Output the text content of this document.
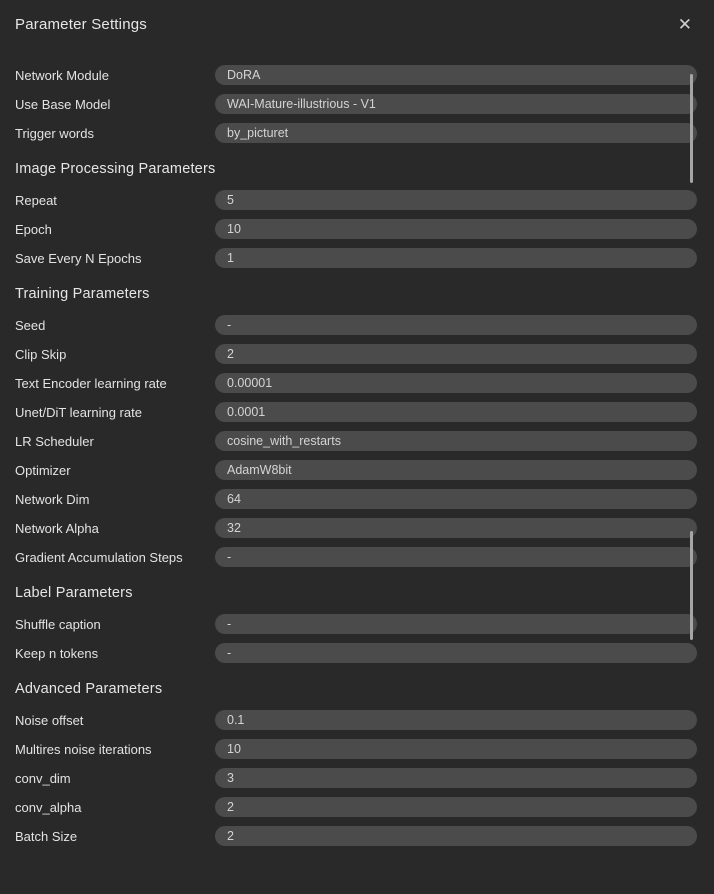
Parameter Settings	✕
Network Module	DoRA
Use Base Model	WAI-Mature-illustrious - V1
Trigger words	by_picturet
Image Processing Parameters
Repeat	5
Epoch	10
Save Every N Epochs	1
Training Parameters
Seed	-
Clip Skip	2
Text Encoder learning rate	0.00001
Unet/DiT learning rate	0.0001
LR Scheduler	cosine_with_restarts
Optimizer	AdamW8bit
Network Dim	64
Network Alpha	32
Gradient Accumulation Steps	-
Label Parameters
Shuffle caption	-
Keep n tokens	-
Advanced Parameters
Noise offset	0.1
Multires noise iterations	10
conv_dim	3
conv_alpha	2
Batch Size	2
